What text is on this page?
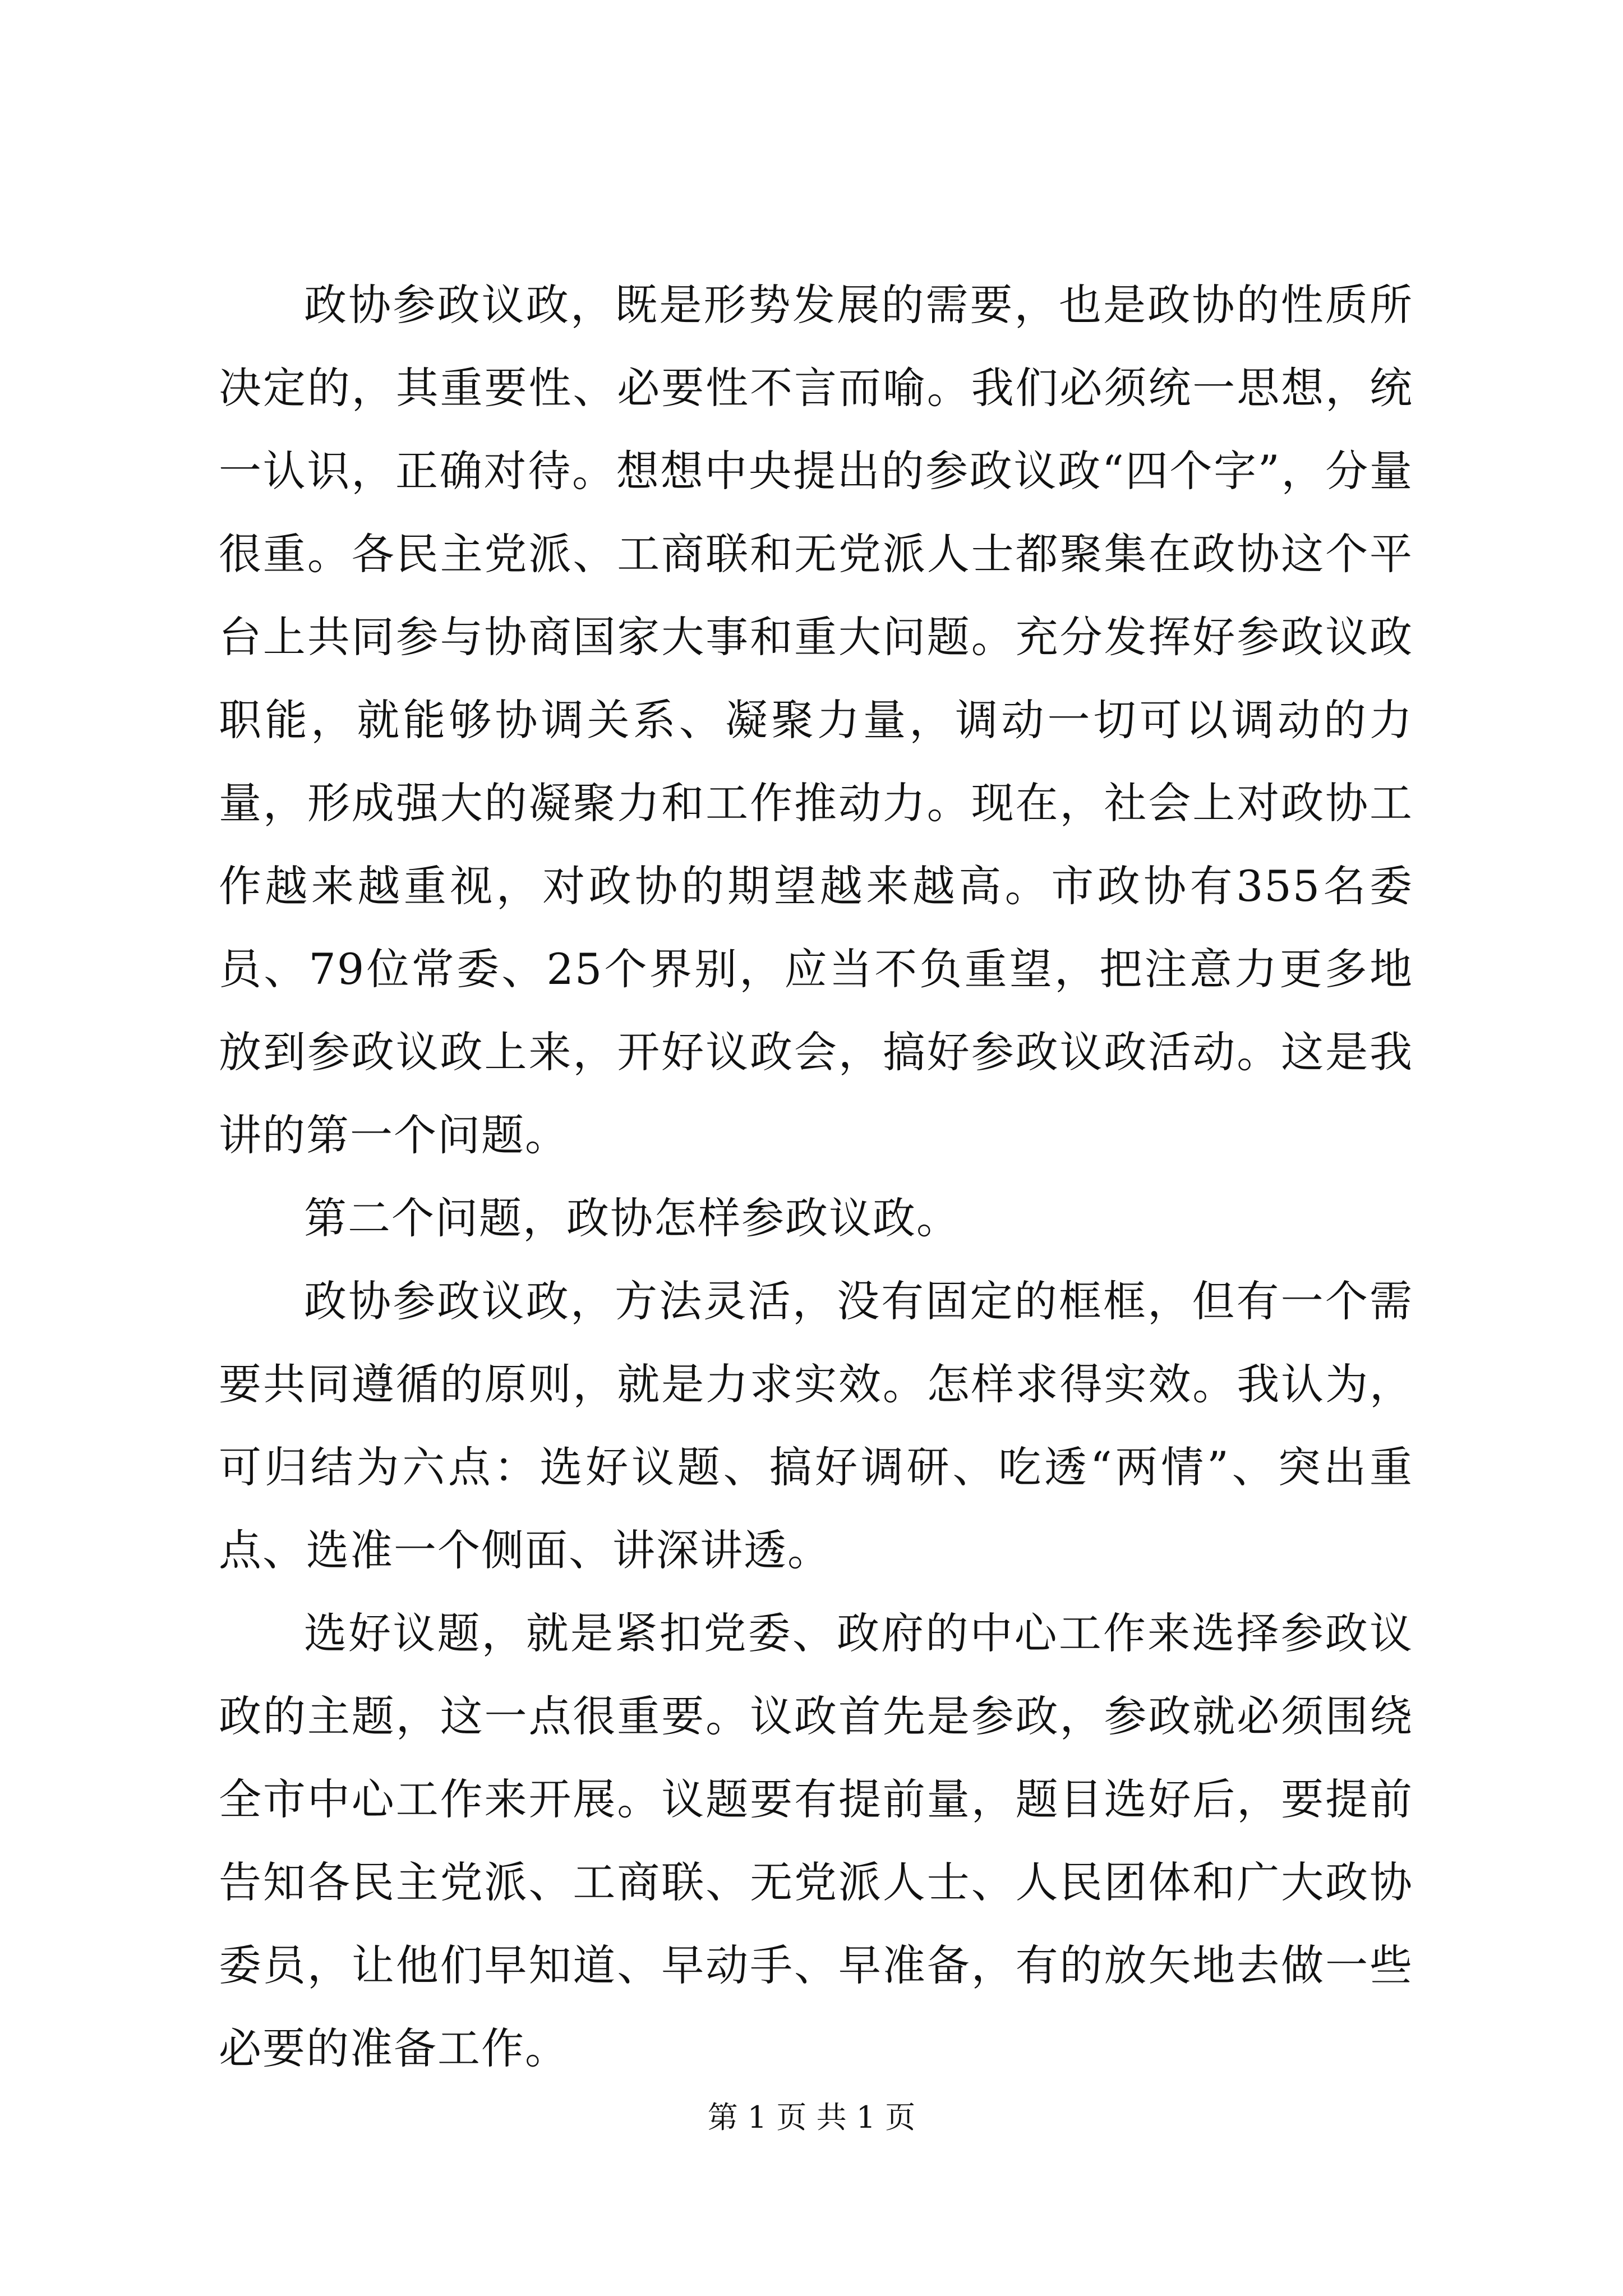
政协参政议政，既是形势发展的需要，也是政协的性质所决定的，其重要性、必要性不言而喻。我们必须统一思想，统一认识，正确对待。想想中央提出的参政议政“四个字”，分量很重。各民主党派、工商联和无党派人士都聚集在政协这个平台上共同参与协商国家大事和重大问题。充分发挥好参政议政职能，就能够协调关系、凝聚力量，调动一切可以调动的力量，形成强大的凝聚力和工作推动力。现在，社会上对政协工作越来越重视，对政协的期望越来越高。市政协有355名委员、79位常委、25个界别，应当不负重望，把注意力更多地放到参政议政上来，开好议政会，搞好参政议政活动。这是我讲的第一个问题。

第二个问题，政协怎样参政议政。

政协参政议政，方法灵活，没有固定的框框，但有一个需要共同遵循的原则，就是力求实效。怎样求得实效。我认为，可归结为六点：选好议题、搞好调研、吃透“两情”、突出重点、选准一个侧面、讲深讲透。

选好议题，就是紧扣党委、政府的中心工作来选择参政议政的主题，这一点很重要。议政首先是参政，参政就必须围绕全市中心工作来开展。议题要有提前量，题目选好后，要提前告知各民主党派、工商联、无党派人士、人民团体和广大政协委员，让他们早知道、早动手、早准备，有的放矢地去做一些必要的准备工作。

第 1 页 共 1 页
